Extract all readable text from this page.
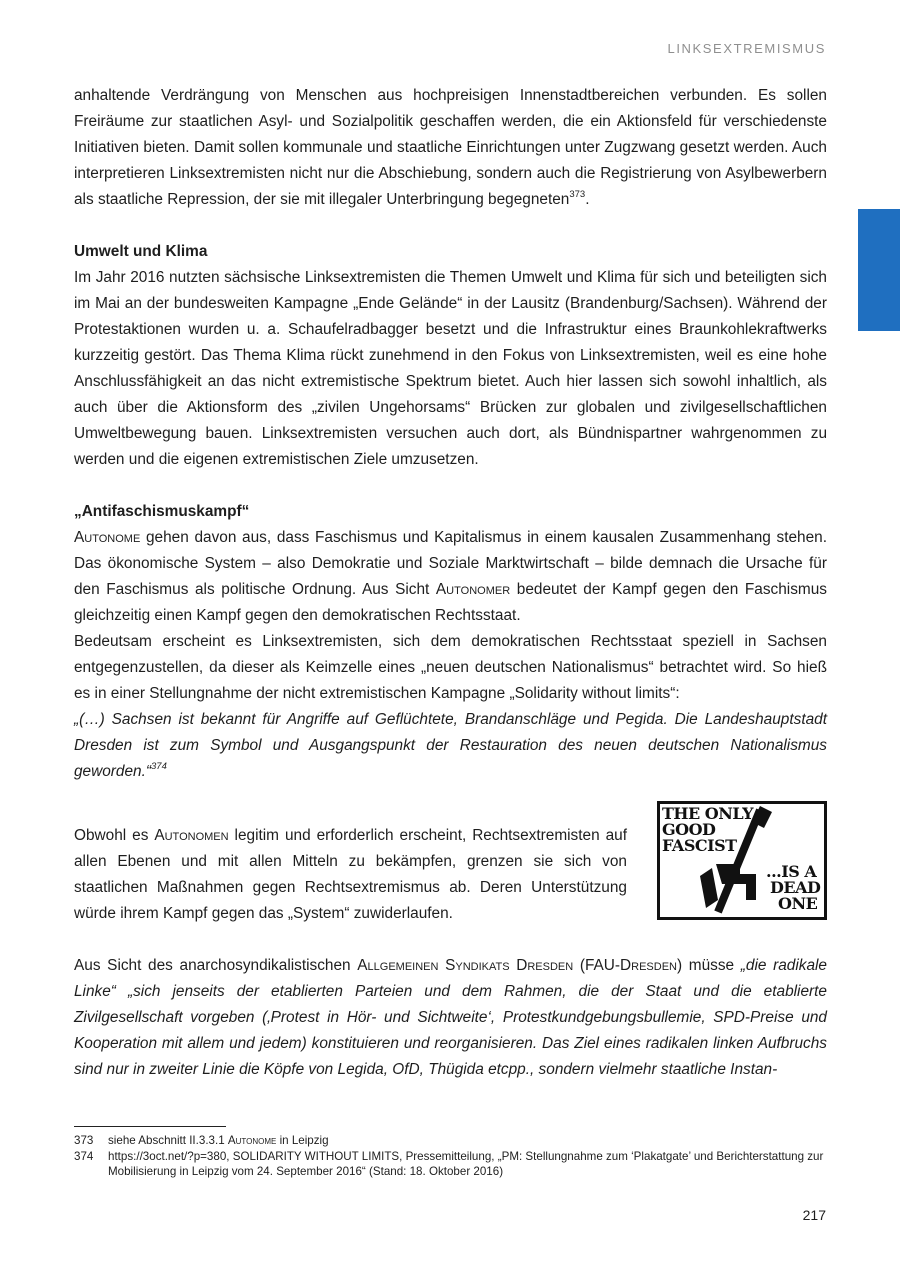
LINKSEXTREMISMUS

anhaltende Verdrängung von Menschen aus hochpreisigen Innenstadtbereichen verbunden. Es sollen Freiräume zur staatlichen Asyl- und Sozialpolitik geschaffen werden, die ein Aktionsfeld für verschiedenste Initiativen bieten. Damit sollen kommunale und staatliche Einrichtungen unter Zugzwang gesetzt werden. Auch interpretieren Linksextremisten nicht nur die Abschiebung, sondern auch die Registrierung von Asylbewerbern als staatliche Repression, der sie mit illegaler Unterbringung begegneten$^{373}$.

Umwelt und Klima

Im Jahr 2016 nutzten sächsische Linksextremisten die Themen Umwelt und Klima für sich und beteiligten sich im Mai an der bundesweiten Kampagne „Ende Gelände“ in der Lausitz (Brandenburg/Sachsen). Während der Protestaktionen wurden u. a. Schaufelradbagger besetzt und die Infrastruktur eines Braunkohlekraftwerks kurzzeitig gestört. Das Thema Klima rückt zunehmend in den Fokus von Linksextremisten, weil es eine hohe Anschlussfähigkeit an das nicht extremistische Spektrum bietet. Auch hier lassen sich sowohl inhaltlich, als auch über die Aktionsform des „zivilen Ungehorsams“ Brücken zur globalen und zivilgesellschaftlichen Umweltbewegung bauen. Linksextremisten versuchen auch dort, als Bündnispartner wahrgenommen zu werden und die eigenen extremistischen Ziele umzusetzen.

„Antifaschismuskampf“

Autonome gehen davon aus, dass Faschismus und Kapitalismus in einem kausalen Zusammenhang stehen. Das ökonomische System – also Demokratie und Soziale Marktwirtschaft – bilde demnach die Ursache für den Faschismus als politische Ordnung. Aus Sicht Autonomer bedeutet der Kampf gegen den Faschismus gleichzeitig einen Kampf gegen den demokratischen Rechtsstaat.

Bedeutsam erscheint es Linksextremisten, sich dem demokratischen Rechtsstaat speziell in Sachsen entgegenzustellen, da dieser als Keimzelle eines „neuen deutschen Nationalismus“ betrachtet wird. So hieß es in einer Stellungnahme der nicht extremistischen Kampagne „Solidarity without limits“:

„(…) Sachsen ist bekannt für Angriffe auf Geflüchtete, Brandanschläge und Pegida. Die Landeshauptstadt Dresden ist zum Symbol und Ausgangspunkt der Restauration des neuen deutschen Nationalismus geworden.“$^{374}$

Obwohl es Autonomen legitim und erforderlich erscheint, Rechtsextremisten auf allen Ebenen und mit allen Mitteln zu bekämpfen, grenzen sie sich von staatlichen Maßnahmen gegen Rechtsextremismus ab. Deren Unterstützung würde ihrem Kampf gegen das „System“ zuwiderlaufen.

THE ONLY
GOOD
FASCIST
...IS A
DEAD
ONE

Aus Sicht des anarchosyndikalistischen Allgemeinen Syndikats Dresden (FAU-Dresden) müsse „die radikale Linke“ „sich jenseits der etablierten Parteien und dem Rahmen, die der Staat und die etablierte Zivilgesellschaft vorgeben (‚Protest in Hör- und Sichtweite‘, Protestkundgebungsbullemie, SPD-Preise und Kooperation mit allem und jedem) konstituieren und reorganisieren. Das Ziel eines radikalen linken Aufbruchs sind nur in zweiter Linie die Köpfe von Legida, OfD, Thügida etcpp., sondern vielmehr staatliche Instan-

373	siehe Abschnitt II.3.3.1 Autonome in Leipzig
374	https://3oct.net/?p=380, SOLIDARITY WITHOUT LIMITS, Pressemitteilung, „PM: Stellungnahme zum ‘Plakatgate’ und Berichterstattung zur Mobilisierung in Leipzig vom 24. September 2016“ (Stand: 18. Oktober 2016)
217
